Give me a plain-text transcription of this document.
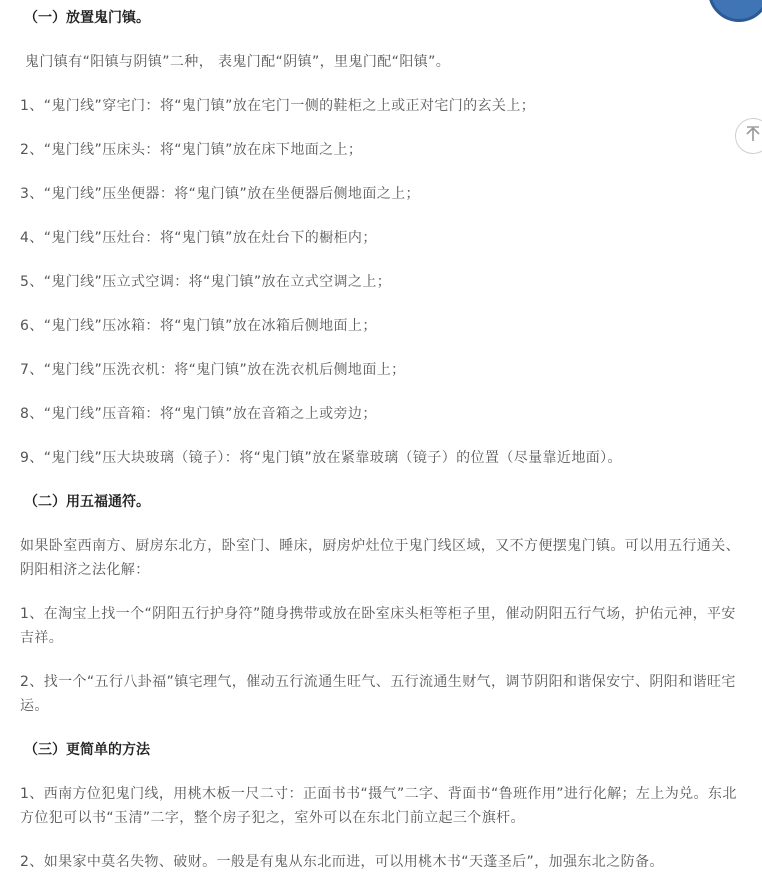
（一）放置鬼门镇。
鬼门镇有“阳镇与阴镇”二种， 表鬼门配“阴镇”，里鬼门配“阳镇”。
1、“鬼门线”穿宅门：将“鬼门镇”放在宅门一侧的鞋柜之上或正对宅门的玄关上；
2、“鬼门线”压床头：将“鬼门镇”放在床下地面之上；
3、“鬼门线”压坐便器：将“鬼门镇”放在坐便器后侧地面之上；
4、“鬼门线”压灶台：将“鬼门镇”放在灶台下的橱柜内；
5、“鬼门线”压立式空调：将“鬼门镇”放在立式空调之上；
6、“鬼门线”压冰箱：将“鬼门镇”放在冰箱后侧地面上；
7、“鬼门线”压洗衣机：将“鬼门镇”放在洗衣机后侧地面上；
8、“鬼门线”压音箱：将“鬼门镇”放在音箱之上或旁边；
9、“鬼门线”压大块玻璃（镜子）：将“鬼门镇”放在紧靠玻璃（镜子）的位置（尽量靠近地面）。
（二）用五福通符。
如果卧室西南方、厨房东北方，卧室门、睡床，厨房炉灶位于鬼门线区域，又不方便摆鬼门镇。可以用五行通关、阴阳相济之法化解：
1、在淘宝上找一个“阴阳五行护身符”随身携带或放在卧室床头柜等柜子里，催动阴阳五行气场，护佑元神，平安吉祥。
2、找一个“五行八卦福”镇宅理气，催动五行流通生旺气、五行流通生财气，调节阴阳和谐保安宁、阴阳和谐旺宅运。
（三）更简单的方法
1、西南方位犯鬼门线，用桃木板一尺二寸：正面书书“摄气”二字、背面书“鲁班作用”进行化解；左上为兑。东北方位犯可以书“玉清”二字，整个房子犯之，室外可以在东北门前立起三个旗杆。
2、如果家中莫名失物、破财。一般是有鬼从东北而进，可以用桃木书“天蓬圣后”，加强东北之防备。
